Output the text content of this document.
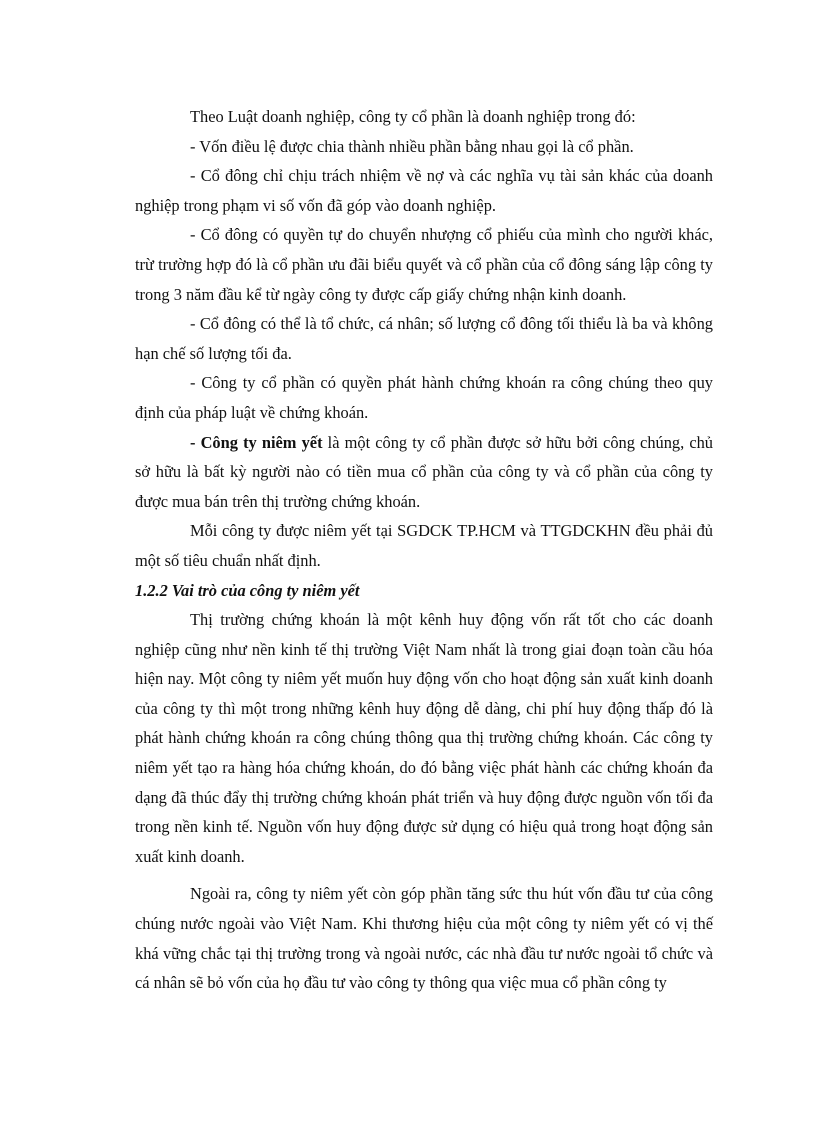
Theo Luật doanh nghiệp, công ty cổ phần là doanh nghiệp trong đó:

- Vốn điều lệ được chia thành nhiều phần bằng nhau gọi là cổ phần.

- Cổ đông chỉ chịu trách nhiệm về nợ và các nghĩa vụ tài sản khác của doanh nghiệp trong phạm vi số vốn đã góp vào doanh nghiệp.

- Cổ đông có quyền tự do chuyển nhượng cổ phiếu của mình cho người khác, trừ trường hợp đó là cổ phần ưu đãi biểu quyết và cổ phần của cổ đông sáng lập công ty trong 3 năm đầu kể từ ngày công ty được cấp giấy chứng nhận kinh doanh.

- Cổ đông có thể là tổ chức, cá nhân; số lượng cổ đông tối thiểu là ba và không hạn chế số lượng tối đa.

- Công ty cổ phần có quyền phát hành chứng khoán ra công chúng theo quy định của pháp luật về chứng khoán.

- Công ty niêm yết là một công ty cổ phần được sở hữu bởi công chúng, chủ sở hữu là bất kỳ người nào có tiền mua cổ phần của công ty và cổ phần của công ty được mua bán trên thị trường chứng khoán.

Mỗi công ty được niêm yết tại SGDCK TP.HCM và TTGDCKHN đều phải đủ một số tiêu chuẩn nhất định.

1.2.2 Vai trò của công ty niêm yết

Thị trường chứng khoán là một kênh huy động vốn rất tốt cho các doanh nghiệp cũng như nền kinh tế thị trường Việt Nam nhất là trong giai đoạn toàn cầu hóa hiện nay. Một công ty niêm yết muốn huy động vốn cho hoạt động sản xuất kinh doanh của công ty thì một trong những kênh huy động dễ dàng, chi phí huy động thấp đó là phát hành chứng khoán ra công chúng thông qua thị trường chứng khoán. Các công ty niêm yết tạo ra hàng hóa chứng khoán, do đó bằng việc phát hành các chứng khoán đa dạng đã thúc đẩy thị trường chứng khoán phát triển và huy động được nguồn vốn tối đa trong nền kinh tế. Nguồn vốn huy động được sử dụng có hiệu quả trong hoạt động sản xuất kinh doanh.

Ngoài ra, công ty niêm yết còn góp phần tăng sức thu hút vốn đầu tư của công chúng nước ngoài vào Việt Nam. Khi thương hiệu của một công ty niêm yết có vị thế khá vững chắc tại thị trường trong và ngoài nước, các nhà đầu tư nước ngoài tổ chức và cá nhân sẽ bỏ vốn của họ đầu tư vào công ty thông qua việc mua cổ phần công ty
